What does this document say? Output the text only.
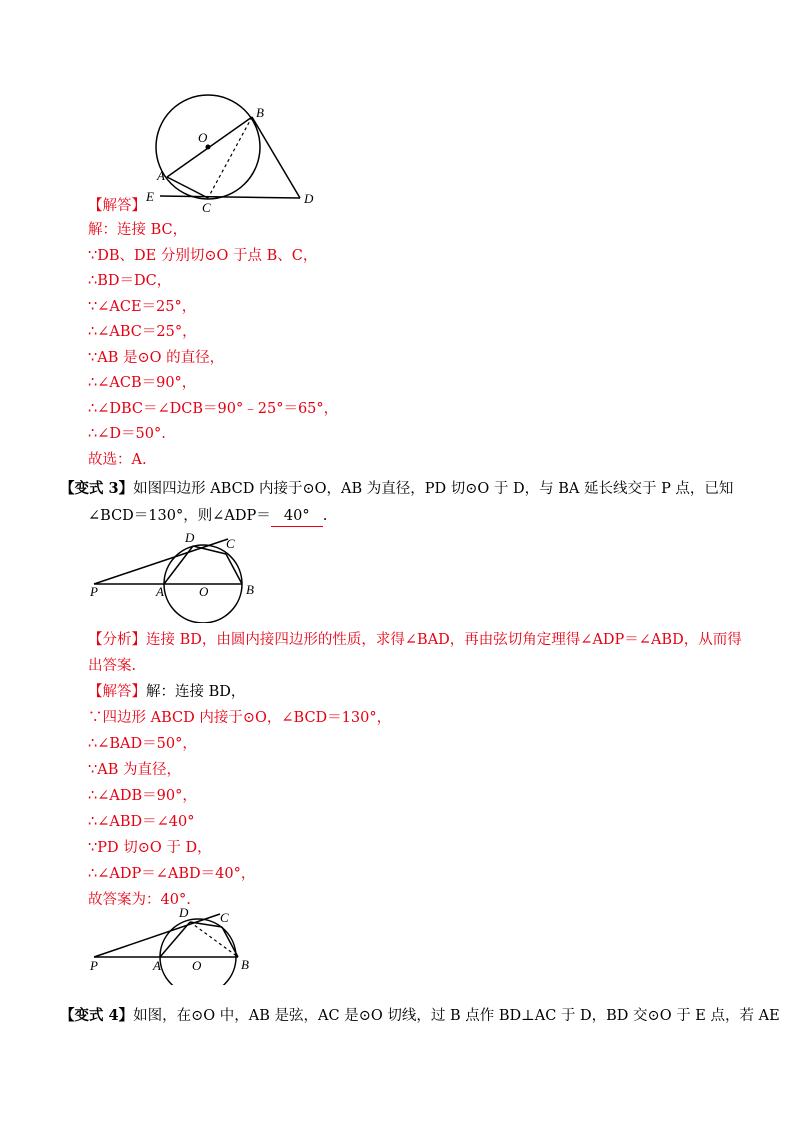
O
B
A
E
C
D
【解答】
解：连接 BC，
∵DB、DE 分别切⊙O 于点 B、C，
∴BD＝DC，
∵∠ACE＝25°，
∴∠ABC＝25°，
∵AB 是⊙O 的直径，
∴∠ACB＝90°，
∴∠DBC＝∠DCB＝90°﹣25°＝65°，
∴∠D＝50°.
故选：A.
【变式 3】如图四边形 ABCD 内接于⊙O，AB 为直径，PD 切⊙O 于 D，与 BA 延长线交于 P 点，已知
∠BCD＝130°，则∠ADP＝ 40° .
P	A	O	B
D C
【分析】连接 BD，由圆内接四边形的性质，求得∠BAD，再由弦切角定理得∠ADP＝∠ABD，从而得
出答案.
【解答】解：连接 BD，
∵四边形 ABCD 内接于⊙O，∠BCD＝130°，
∴∠BAD＝50°，
∵AB 为直径，
∴∠ADB＝90°，
∴∠ABD＝∠40°
∵PD 切⊙O 于 D，
∴∠ADP＝∠ABD＝40°，
故答案为：40°.
P	A O	B
D C
【变式 4】如图，在⊙O 中，AB 是弦，AC 是⊙O 切线，过 B 点作 BD⊥AC 于 D，BD 交⊙O 于 E 点，若 AE
